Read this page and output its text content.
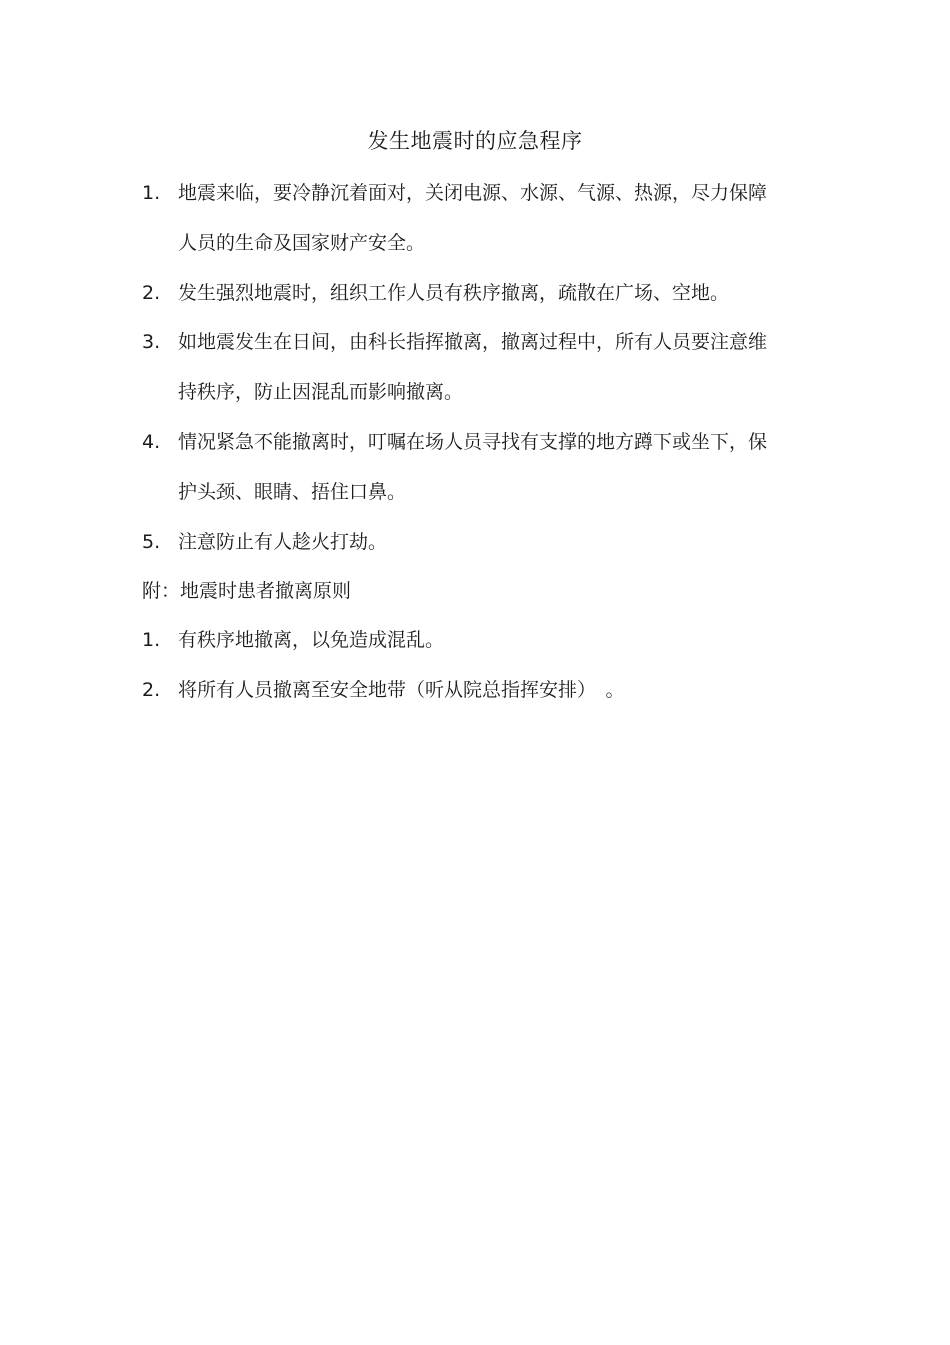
发生地震时的应急程序
1. 地震来临，要冷静沉着面对，关闭电源、水源、气源、热源，尽力保障人员的生命及国家财产安全。
2. 发生强烈地震时，组织工作人员有秩序撤离，疏散在广场、空地。
3. 如地震发生在日间，由科长指挥撤离，撤离过程中，所有人员要注意维持秩序，防止因混乱而影响撤离。
4. 情况紧急不能撤离时，叮嘱在场人员寻找有支撑的地方蹲下或坐下，保护头颈、眼睛、捂住口鼻。
5. 注意防止有人趁火打劫。
附：地震时患者撤离原则
1. 有秩序地撤离，以免造成混乱。
2. 将所有人员撤离至安全地带（听从院总指挥安排）　。
